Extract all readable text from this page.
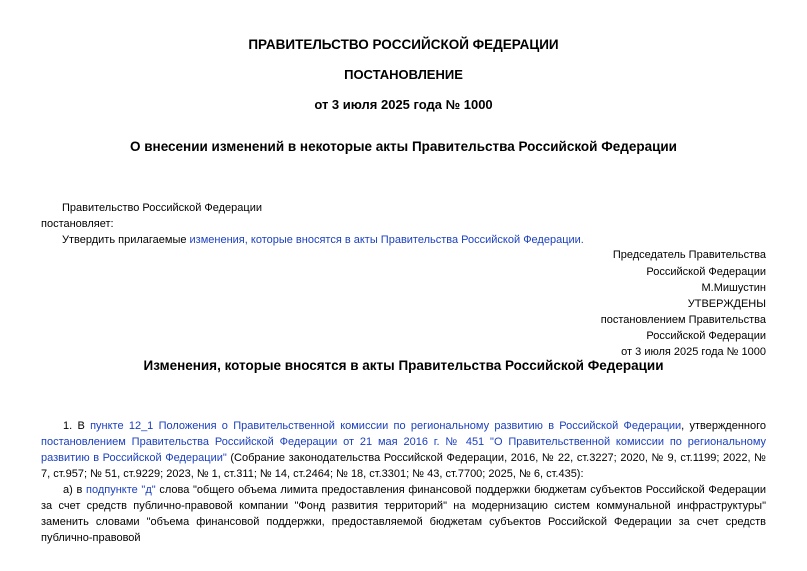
ПРАВИТЕЛЬСТВО РОССИЙСКОЙ ФЕДЕРАЦИИ
ПОСТАНОВЛЕНИЕ
от 3 июля 2025 года № 1000
О внесении изменений в некоторые акты Правительства Российской Федерации
Правительство Российской Федерации
постановляет:
Утвердить прилагаемые изменения, которые вносятся в акты Правительства Российской Федерации.
Председатель Правительства
Российской Федерации
М.Мишустин
УТВЕРЖДЕНЫ
постановлением Правительства
Российской Федерации
от 3 июля 2025 года № 1000
Изменения, которые вносятся в акты Правительства Российской Федерации
1. В пункте 12_1 Положения о Правительственной комиссии по региональному развитию в Российской Федерации, утвержденного постановлением Правительства Российской Федерации от 21 мая 2016 г. № 451 "О Правительственной комиссии по региональному развитию в Российской Федерации" (Собрание законодательства Российской Федерации, 2016, № 22, ст.3227; 2020, № 9, ст.1199; 2022, № 7, ст.957; № 51, ст.9229; 2023, № 1, ст.311; № 14, ст.2464; № 18, ст.3301; № 43, ст.7700; 2025, № 6, ст.435):
а) в подпункте "д" слова "общего объема лимита предоставления финансовой поддержки бюджетам субъектов Российской Федерации за счет средств публично-правовой компании "Фонд развития территорий" на модернизацию систем коммунальной инфраструктуры" заменить словами "объема финансовой поддержки, предоставляемой бюджетам субъектов Российской Федерации за счет средств публично-правовой
